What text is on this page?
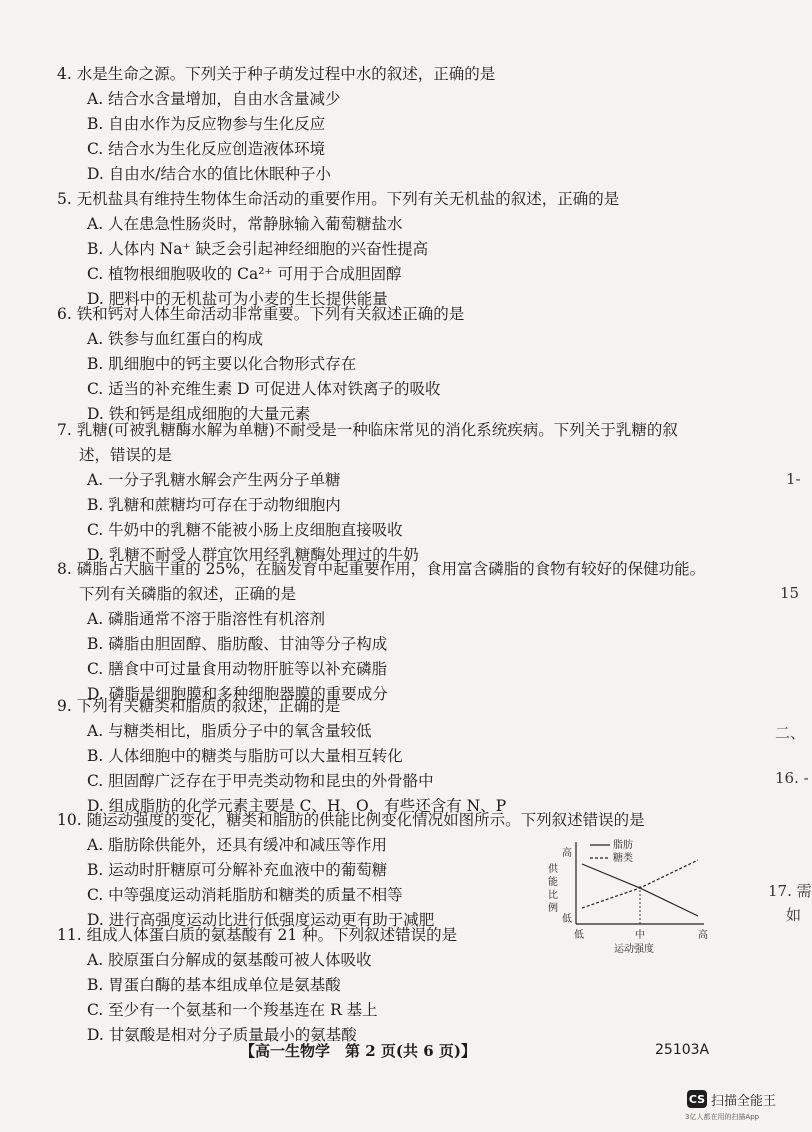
4. 水是生命之源。下列关于种子萌发过程中水的叙述，正确的是
A. 结合水含量增加，自由水含量减少
B. 自由水作为反应物参与生化反应
C. 结合水为生化反应创造液体环境
D. 自由水/结合水的值比休眠种子小
5. 无机盐具有维持生物体生命活动的重要作用。下列有关无机盐的叙述，正确的是
A. 人在患急性肠炎时，常静脉输入葡萄糖盐水
B. 人体内 Na⁺ 缺乏会引起神经细胞的兴奋性提高
C. 植物根细胞吸收的 Ca²⁺ 可用于合成胆固醇
D. 肥料中的无机盐可为小麦的生长提供能量
6. 铁和钙对人体生命活动非常重要。下列有关叙述正确的是
A. 铁参与血红蛋白的构成
B. 肌细胞中的钙主要以化合物形式存在
C. 适当的补充维生素 D 可促进人体对铁离子的吸收
D. 铁和钙是组成细胞的大量元素
7. 乳糖(可被乳糖酶水解为单糖)不耐受是一种临床常见的消化系统疾病。下列关于乳糖的叙
述，错误的是
A. 一分子乳糖水解会产生两分子单糖
B. 乳糖和蔗糖均可存在于动物细胞内
C. 牛奶中的乳糖不能被小肠上皮细胞直接吸收
D. 乳糖不耐受人群宜饮用经乳糖酶处理过的牛奶
8. 磷脂占大脑干重的 25%，在脑发育中起重要作用，食用富含磷脂的食物有较好的保健功能。
下列有关磷脂的叙述，正确的是
A. 磷脂通常不溶于脂溶性有机溶剂
B. 磷脂由胆固醇、脂肪酸、甘油等分子构成
C. 膳食中可过量食用动物肝脏等以补充磷脂
D. 磷脂是细胞膜和多种细胞器膜的重要成分
9. 下列有关糖类和脂质的叙述，正确的是
A. 与糖类相比，脂质分子中的氧含量较低
B. 人体细胞中的糖类与脂肪可以大量相互转化
C. 胆固醇广泛存在于甲壳类动物和昆虫的外骨骼中
D. 组成脂肪的化学元素主要是 C、H、O，有些还含有 N、P
10. 随运动强度的变化，糖类和脂肪的供能比例变化情况如图所示。下列叙述错误的是
A. 脂肪除供能外，还具有缓冲和减压等作用
B. 运动时肝糖原可分解补充血液中的葡萄糖
C. 中等强度运动消耗脂肪和糖类的质量不相等
D. 进行高强度运动比进行低强度运动更有助于减肥
11. 组成人体蛋白质的氨基酸有 21 种。下列叙述错误的是
A. 胶原蛋白分解成的氨基酸可被人体吸收
B. 胃蛋白酶的基本组成单位是氨基酸
C. 至少有一个氨基和一个羧基连在 R 基上
D. 甘氨酸是相对分子质量最小的氨基酸
高
低
供
能
比
例
低	中	高
运动强度
脂肪
糖类
1-
15
二、
16. -
17. 需
如
【高一生物学　第 2 页(共 6 页)】	25103A
CS 扫描全能王
3亿人都在用的扫描App
